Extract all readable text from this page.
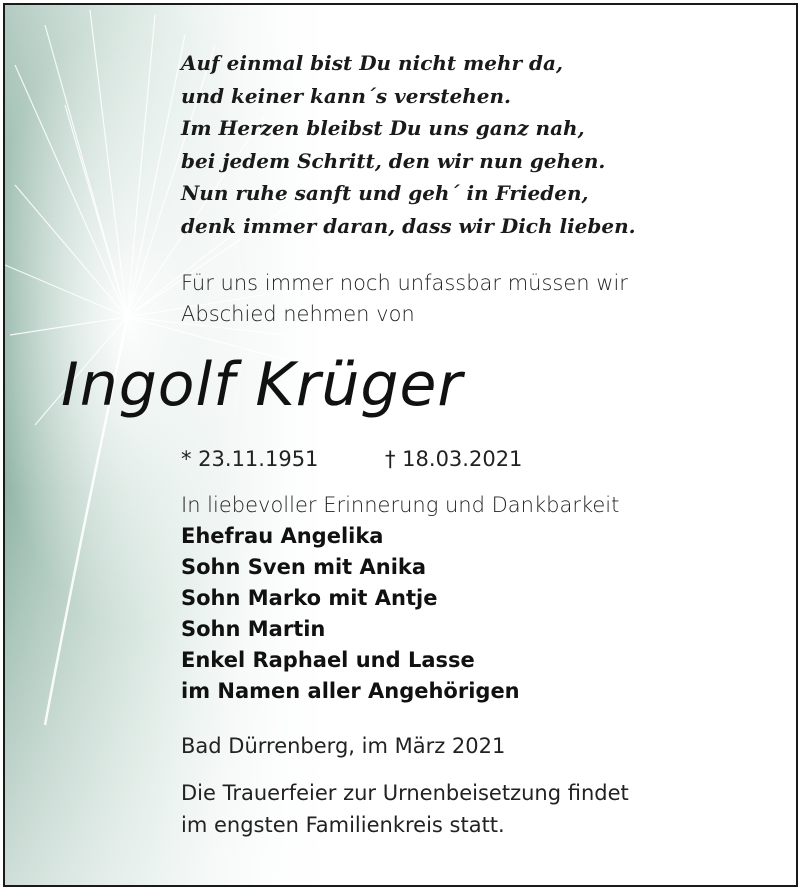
Auf einmal bist Du nicht mehr da,
und keiner kann´s verstehen.
Im Herzen bleibst Du uns ganz nah,
bei jedem Schritt, den wir nun gehen.
Nun ruhe sanft und geh´ in Frieden,
denk immer daran, dass wir Dich lieben.
Für uns immer noch unfassbar müssen wir
Abschied nehmen von
Ingolf Krüger
* 23.11.1951	† 18.03.2021
In liebevoller Erinnerung und Dankbarkeit
Ehefrau Angelika
Sohn Sven mit Anika
Sohn Marko mit Antje
Sohn Martin
Enkel Raphael und Lasse
im Namen aller Angehörigen
Bad Dürrenberg, im März 2021
Die Trauerfeier zur Urnenbeisetzung findet
im engsten Familienkreis statt.
